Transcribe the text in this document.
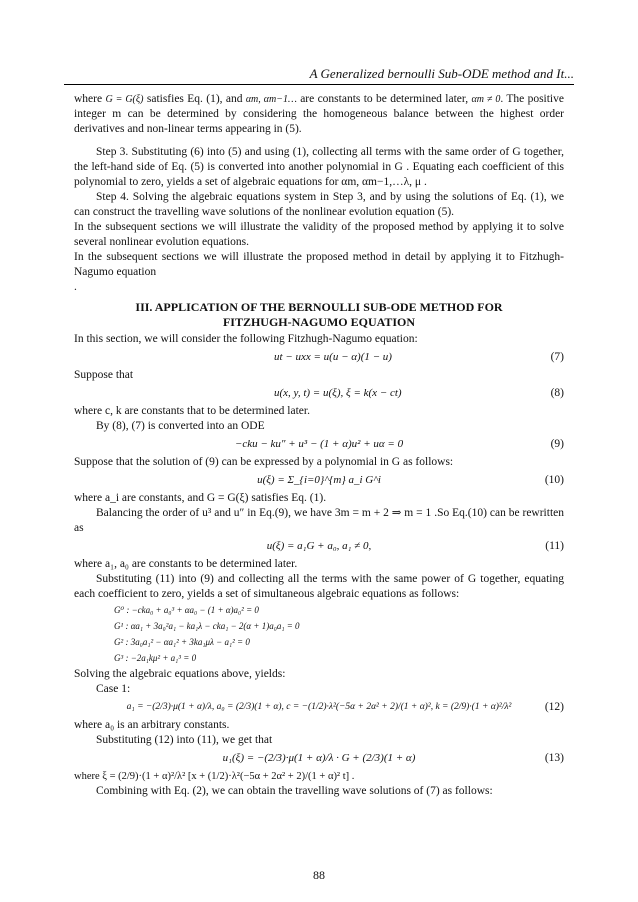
A Generalized bernoulli Sub-ODE method and It...

where G = G(ξ) satisfies Eq. (1), and αm, αm−1… are constants to be determined later, αm ≠ 0. The positive integer m can be determined by considering the homogeneous balance between the highest order derivatives and non-linear terms appearing in (5).

Step 3. Substituting (6) into (5) and using (1), collecting all terms with the same order of G together, the left-hand side of Eq. (5) is converted into another polynomial in G . Equating each coefficient of this polynomial to zero, yields a set of algebraic equations for αm, αm−1,…λ, μ .

Step 4. Solving the algebraic equations system in Step 3, and by using the solutions of Eq. (1), we can construct the travelling wave solutions of the nonlinear evolution equation (5).

In the subsequent sections we will illustrate the validity of the proposed method by applying it to solve several nonlinear evolution equations.

In the subsequent sections we will illustrate the proposed method in detail by applying it to Fitzhugh-Nagumo equation

.

III. APPLICATION OF THE BERNOULLI SUB-ODE METHOD FOR FITZHUGH-NAGUMO EQUATION

In this section, we will consider the following Fitzhugh-Nagumo equation:

ut − uxx = u(u − α)(1 − u)	(7)

Suppose that

u(x, y, t) = u(ξ), ξ = k(x − ct)	(8)

where c, k are constants that to be determined later.

By (8), (7) is converted into an ODE

−cku − ku″ + u³ − (1 + α)u² + uα = 0	(9)

Suppose that the solution of (9) can be expressed by a polynomial in G as follows:

u(ξ) = Σ_{i=0}^{m} a_i G^i	(10)

where a_i are constants, and G = G(ξ) satisfies Eq. (1).

Balancing the order of u³ and u″ in Eq.(9), we have 3m = m + 2 ⇒ m = 1 .So Eq.(10) can be rewritten as

u(ξ) = a₁G + a₀, a₁ ≠ 0,	(11)

where a₁, a₀ are constants to be determined later.

Substituting (11) into (9) and collecting all the terms with the same power of G together, equating each coefficient to zero, yields a set of simultaneous algebraic equations as follows:

G⁰ : −cka₀ + a₀³ + αa₀ − (1 + α)a₀² = 0
G¹ : αa₁ + 3a₀²a₁ − ka₁λ − cka₁ − 2(α + 1)a₀a₁ = 0
G² : 3a₀a₁² − αa₁² + 3ka₁μλ − a₁² = 0
G³ : −2a₁kμ² + a₁³ = 0

Solving the algebraic equations above, yields:

Case 1:

a₁ = −(2/3)·μ(1 + α)/λ, a₀ = (2/3)(1 + α), c = −(1/2)·λ²(−5α + 2α² + 2)/(1 + α)², k = (2/9)·(1 + α)²/λ²	(12)

where a₀ is an arbitrary constants.

Substituting (12) into (11), we get that

u₁(ξ) = −(2/3)·μ(1 + α)/λ · G + (2/3)(1 + α)	(13)

where ξ = (2/9)·(1 + α)²/λ² [x + (1/2)·λ²(−5α + 2α² + 2)/(1 + α)² t] .

Combining with Eq. (2), we can obtain the travelling wave solutions of (7) as follows:

88
